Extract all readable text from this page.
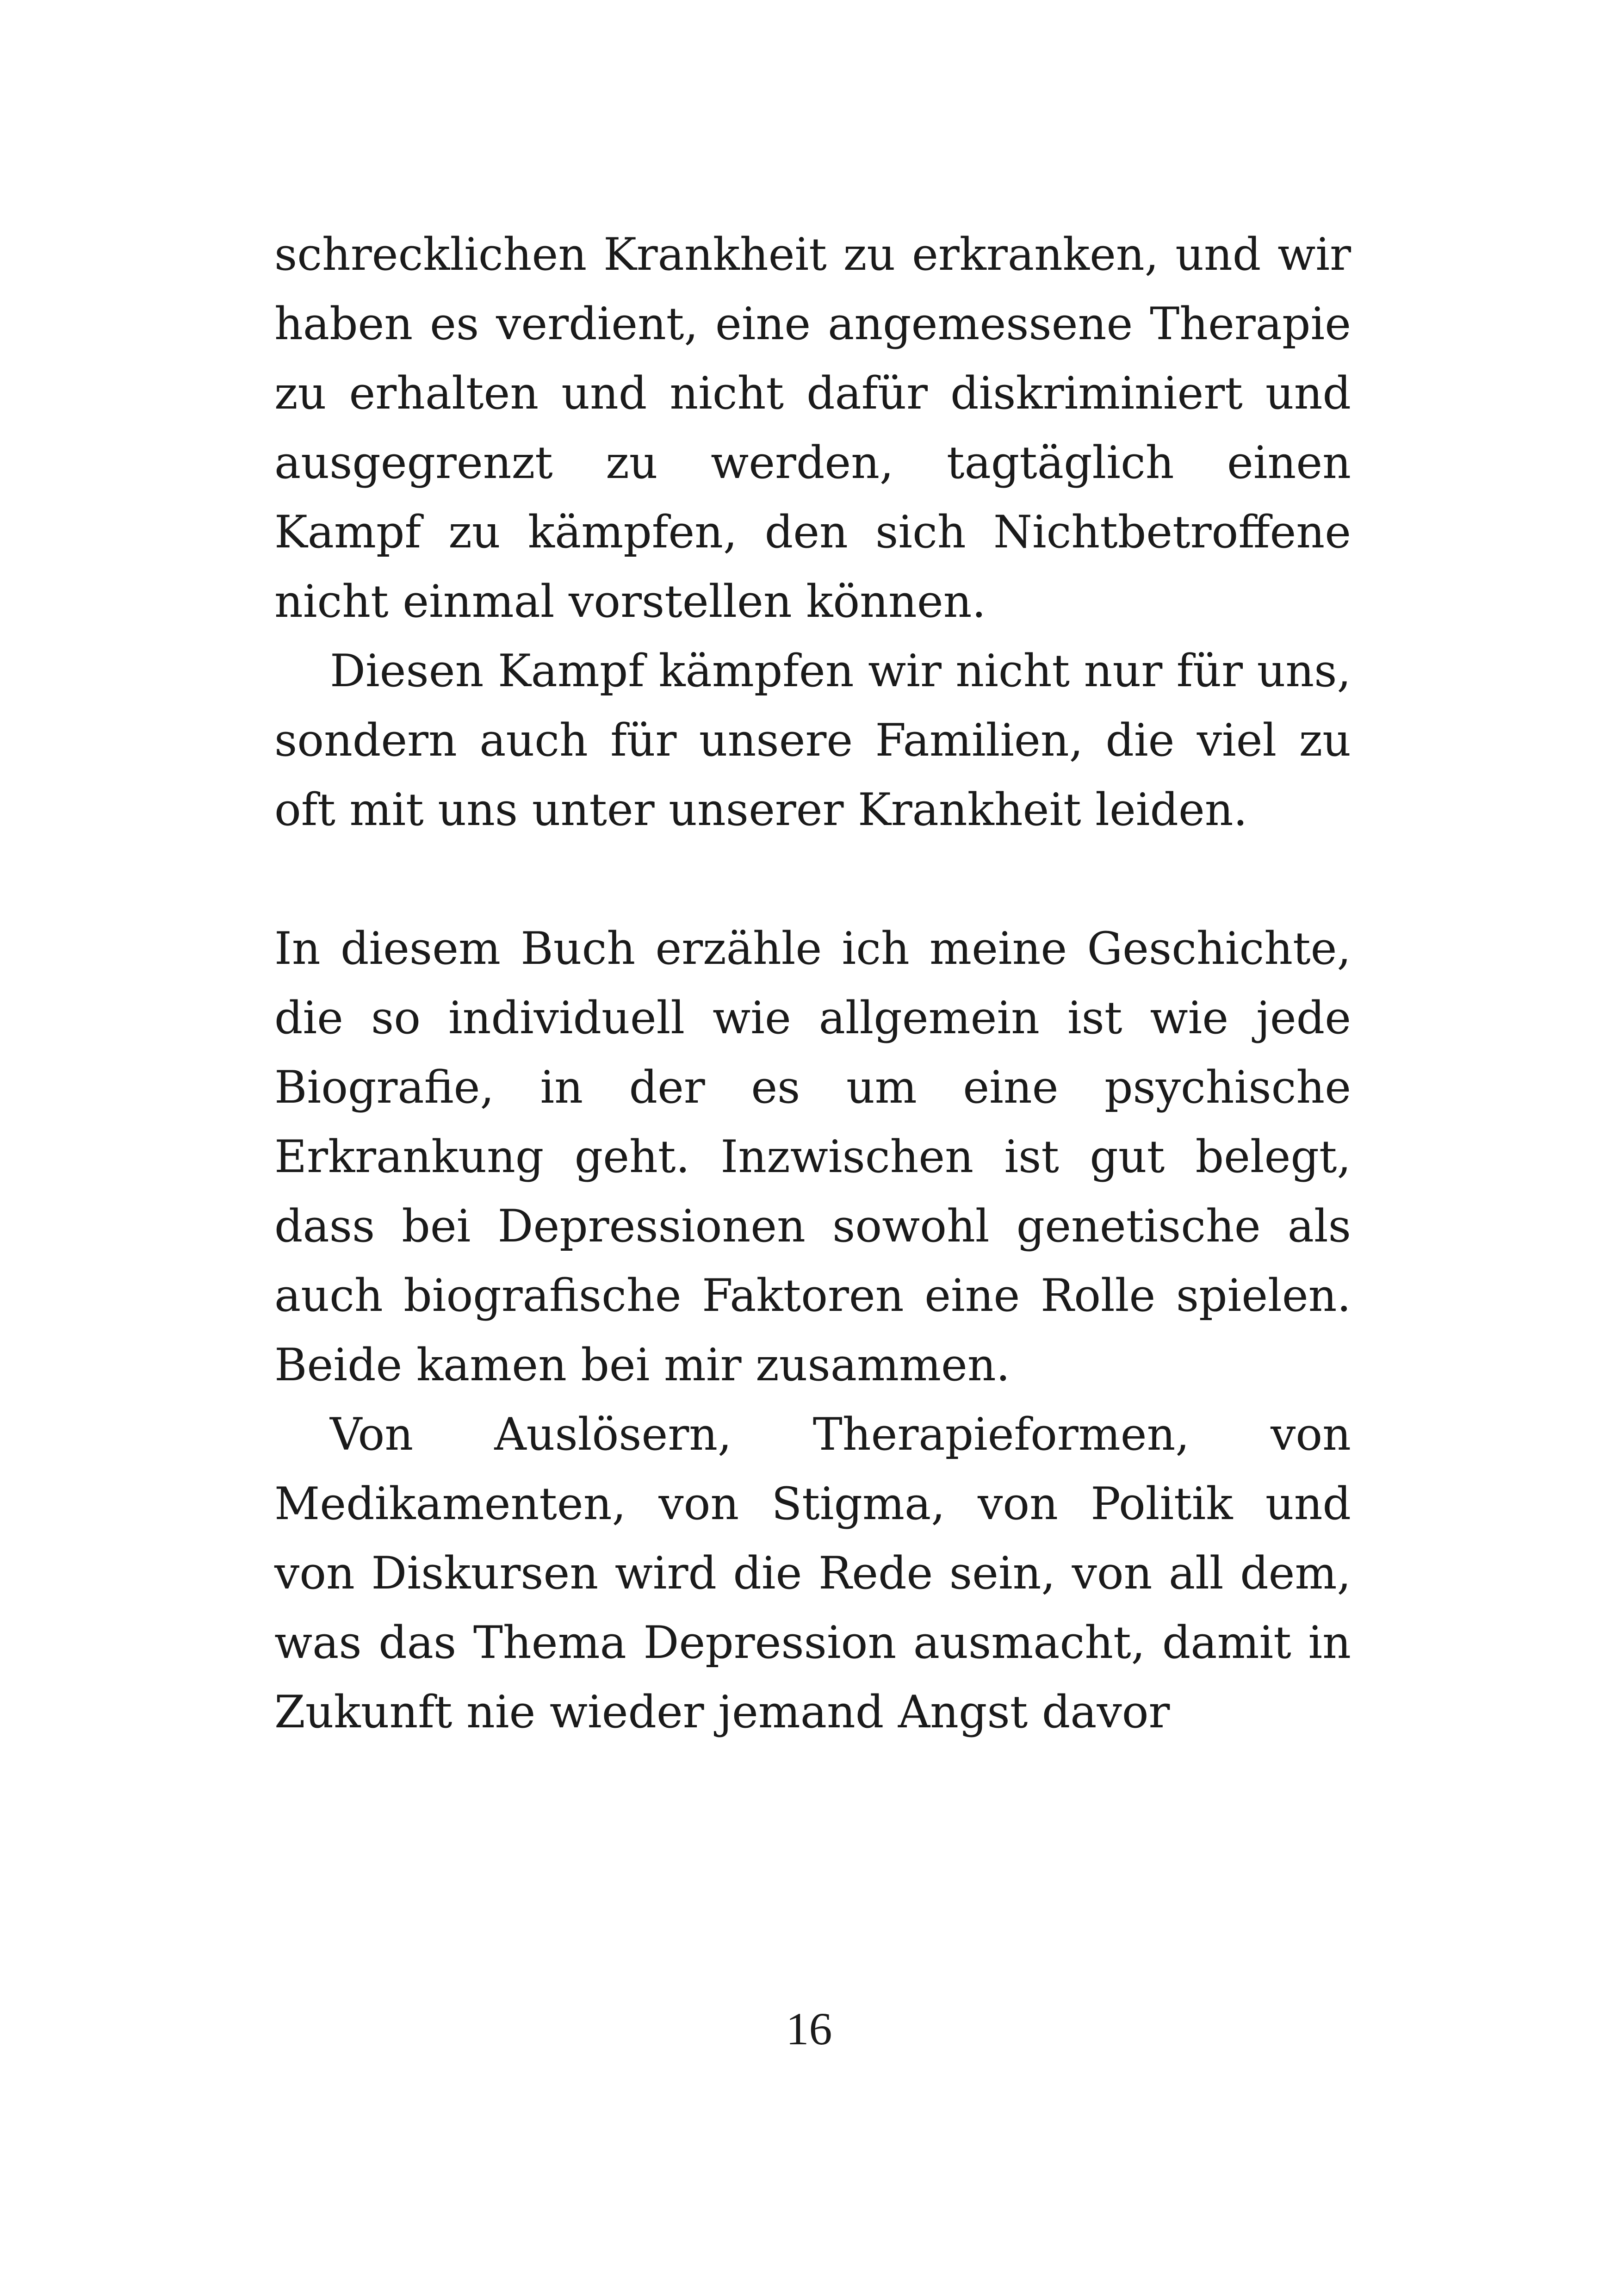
schrecklichen Krankheit zu erkranken, und wir haben es verdient, eine angemessene Therapie zu erhalten und nicht dafür diskriminiert und ausgegrenzt zu werden, tagtäglich einen Kampf zu kämpfen, den sich Nichtbetroffene nicht einmal vorstellen können.

Diesen Kampf kämpfen wir nicht nur für uns, sondern auch für unsere Familien, die viel zu oft mit uns unter unserer Krankheit leiden.

In diesem Buch erzähle ich meine Geschichte, die so individuell wie allgemein ist wie jede Biografie, in der es um eine psychische Erkrankung geht. Inzwischen ist gut belegt, dass bei Depressionen sowohl genetische als auch biografische Faktoren eine Rolle spielen. Beide kamen bei mir zusammen.

Von Auslösern, Therapieformen, von Medikamenten, von Stigma, von Politik und von Diskursen wird die Rede sein, von all dem, was das Thema Depression ausmacht, damit in Zukunft nie wieder jemand Angst davor

16
